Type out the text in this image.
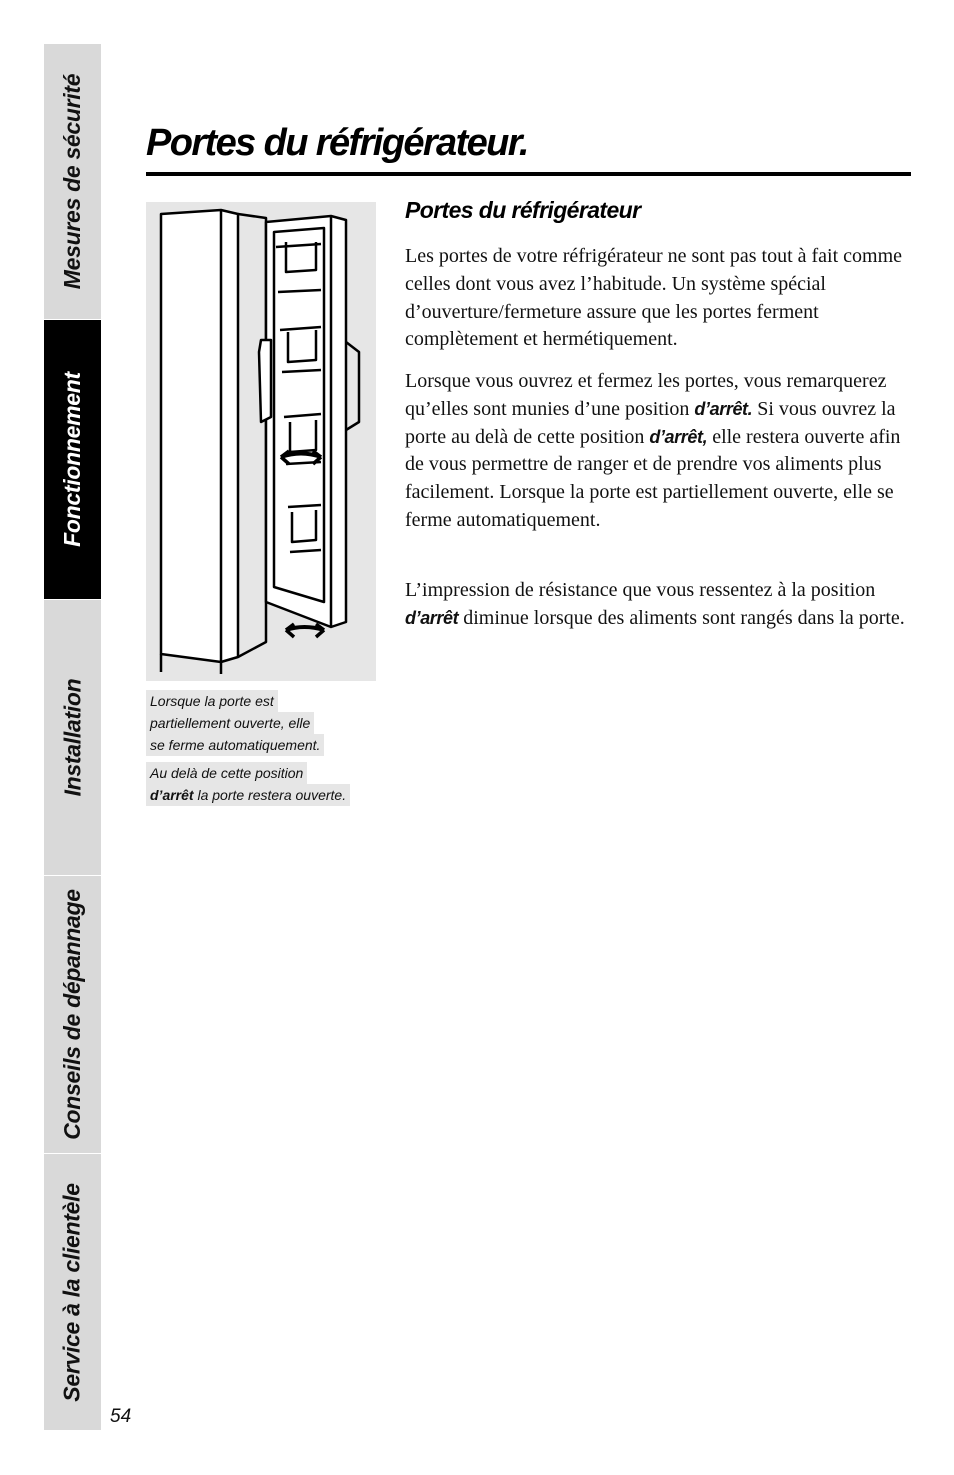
Mesures de sécurité
Fonctionnement
Installation
Conseils de dépannage
Service à la clientèle
54
Portes du réfrigérateur.
Lorsque la porte est
partiellement ouverte, elle
se ferme automatiquement.
Au delà de cette position
d’arrêt la porte restera ouverte.
Portes du réfrigérateur

Les portes de votre réfrigérateur ne sont pas tout à fait comme celles dont vous avez l’habitude. Un système spécial d’ouverture/fermeture assure que les portes ferment complètement et hermétiquement.

Lorsque vous ouvrez et fermez les portes, vous remarquerez qu’elles sont munies d’une position d’arrêt. Si vous ouvrez la porte au delà de cette position d’arrêt, elle restera ouverte afin de vous permettre de ranger et de prendre vos aliments plus facilement. Lorsque la porte est partiellement ouverte, elle se ferme automatiquement.

L’impression de résistance que vous ressentez à la position d’arrêt diminue lorsque des aliments sont rangés dans la porte.
